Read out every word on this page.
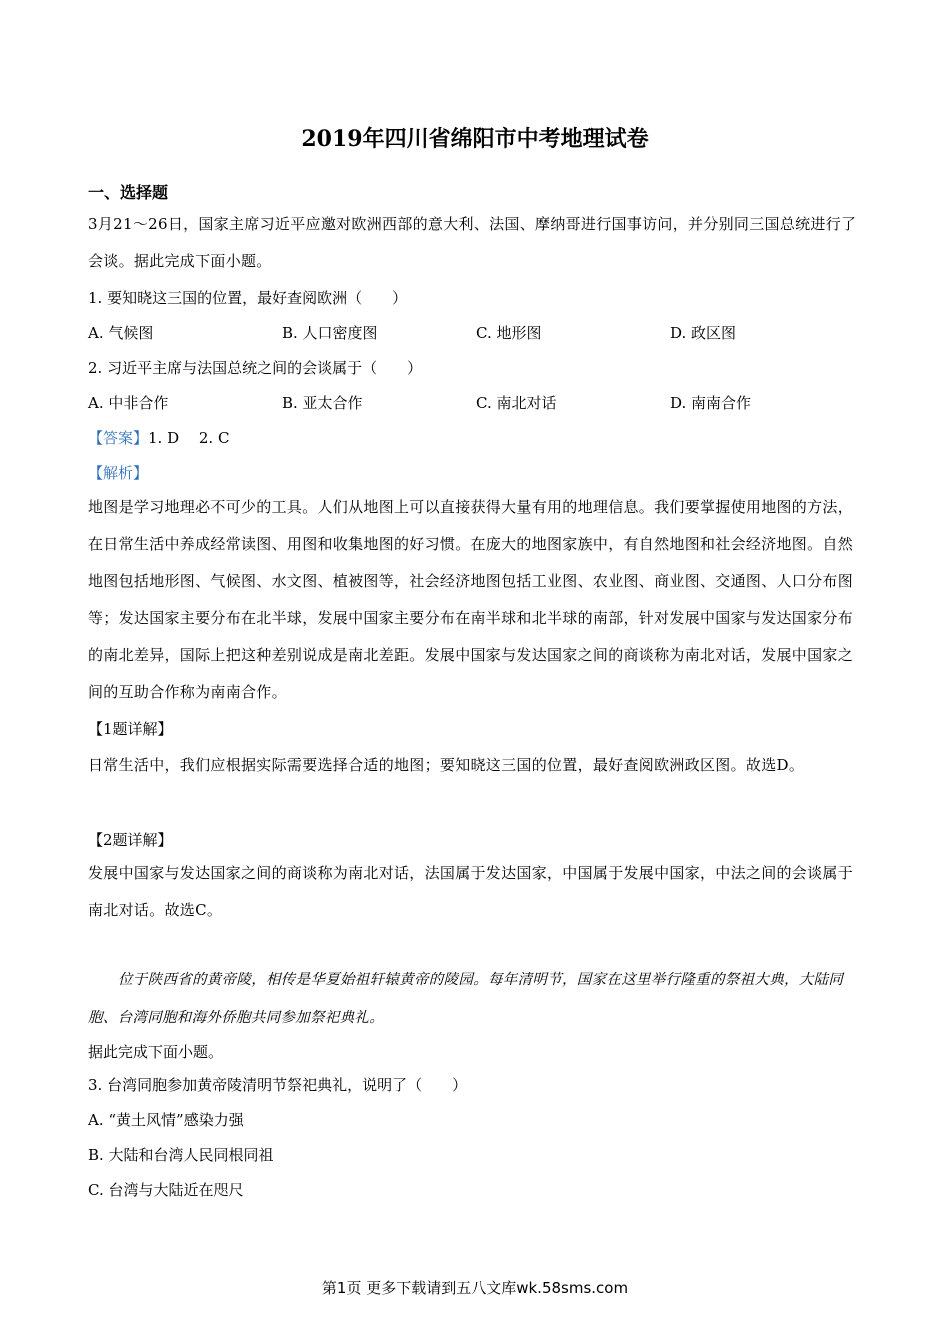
2019年四川省绵阳市中考地理试卷
一、选择题
3月21～26日，国家主席习近平应邀对欧洲西部的意大利、法国、摩纳哥进行国事访问，并分别同三国总统进行了会谈。据此完成下面小题。
1. 要知晓这三国的位置，最好查阅欧洲（　　）
A. 气候图	B. 人口密度图	C. 地形图	D. 政区图
2. 习近平主席与法国总统之间的会谈属于（　　）
A. 中非合作	B. 亚太合作	C. 南北对话	D. 南南合作
【答案】1. D　 2. C
【解析】
地图是学习地理必不可少的工具。人们从地图上可以直接获得大量有用的地理信息。我们要掌握使用地图的方法，在日常生活中养成经常读图、用图和收集地图的好习惯。在庞大的地图家族中，有自然地图和社会经济地图。自然地图包括地形图、气候图、水文图、植被图等，社会经济地图包括工业图、农业图、商业图、交通图、人口分布图等；发达国家主要分布在北半球，发展中国家主要分布在南半球和北半球的南部，针对发展中国家与发达国家分布的南北差异，国际上把这种差别说成是南北差距。发展中国家与发达国家之间的商谈称为南北对话，发展中国家之间的互助合作称为南南合作。
【1题详解】
日常生活中，我们应根据实际需要选择合适的地图；要知晓这三国的位置，最好查阅欧洲政区图。故选D。
【2题详解】
发展中国家与发达国家之间的商谈称为南北对话，法国属于发达国家，中国属于发展中国家，中法之间的会谈属于南北对话。故选C。
位于陕西省的黄帝陵，相传是华夏始祖轩辕黄帝的陵园。每年清明节，国家在这里举行隆重的祭祖大典，大陆同胞、台湾同胞和海外侨胞共同参加祭祀典礼。
据此完成下面小题。
3. 台湾同胞参加黄帝陵清明节祭祀典礼，说明了（　　）
A. “黄土风情”感染力强
B. 大陆和台湾人民同根同祖
C. 台湾与大陆近在咫尺
第1页 更多下载请到五八文库wk.58sms.com
